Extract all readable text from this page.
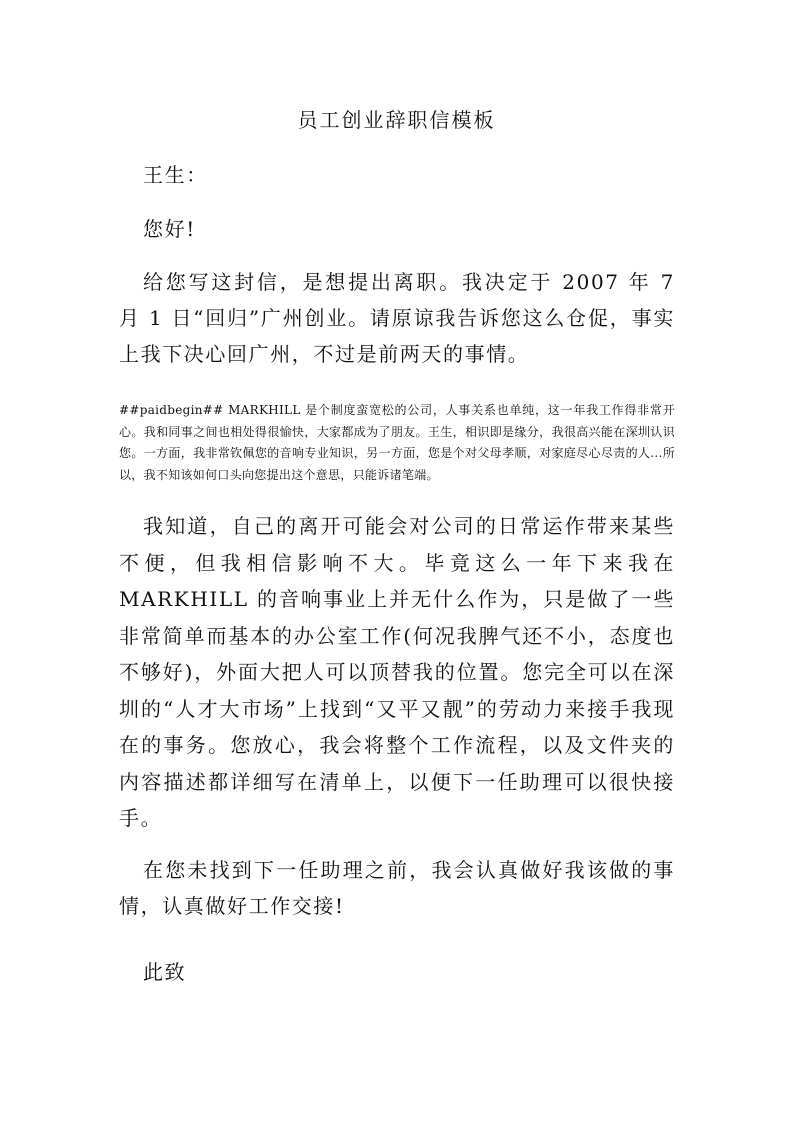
员工创业辞职信模板

王生：

您好!

给您写这封信，是想提出离职。我决定于 2007 年 7 月 1 日“回归”广州创业。请原谅我告诉您这么仓促，事实上我下决心回广州，不过是前两天的事情。

##paidbegin## MARKHILL 是个制度蛮宽松的公司，人事关系也单纯，这一年我工作得非常开心。我和同事之间也相处得很愉快，大家都成为了朋友。王生，相识即是缘分，我很高兴能在深圳认识您。一方面，我非常钦佩您的音响专业知识，另一方面，您是个对父母孝顺，对家庭尽心尽责的人...所以，我不知该如何口头向您提出这个意思，只能诉诸笔端。

我知道，自己的离开可能会对公司的日常运作带来某些不便，但我相信影响不大。毕竟这么一年下来我在 MARKHILL 的音响事业上并无什么作为，只是做了一些非常简单而基本的办公室工作(何况我脾气还不小，态度也不够好)，外面大把人可以顶替我的位置。您完全可以在深圳的“人才大市场”上找到“又平又靓”的劳动力来接手我现在的事务。您放心，我会将整个工作流程，以及文件夹的内容描述都详细写在清单上，以便下一任助理可以很快接手。

在您未找到下一任助理之前，我会认真做好我该做的事情，认真做好工作交接!

此致
